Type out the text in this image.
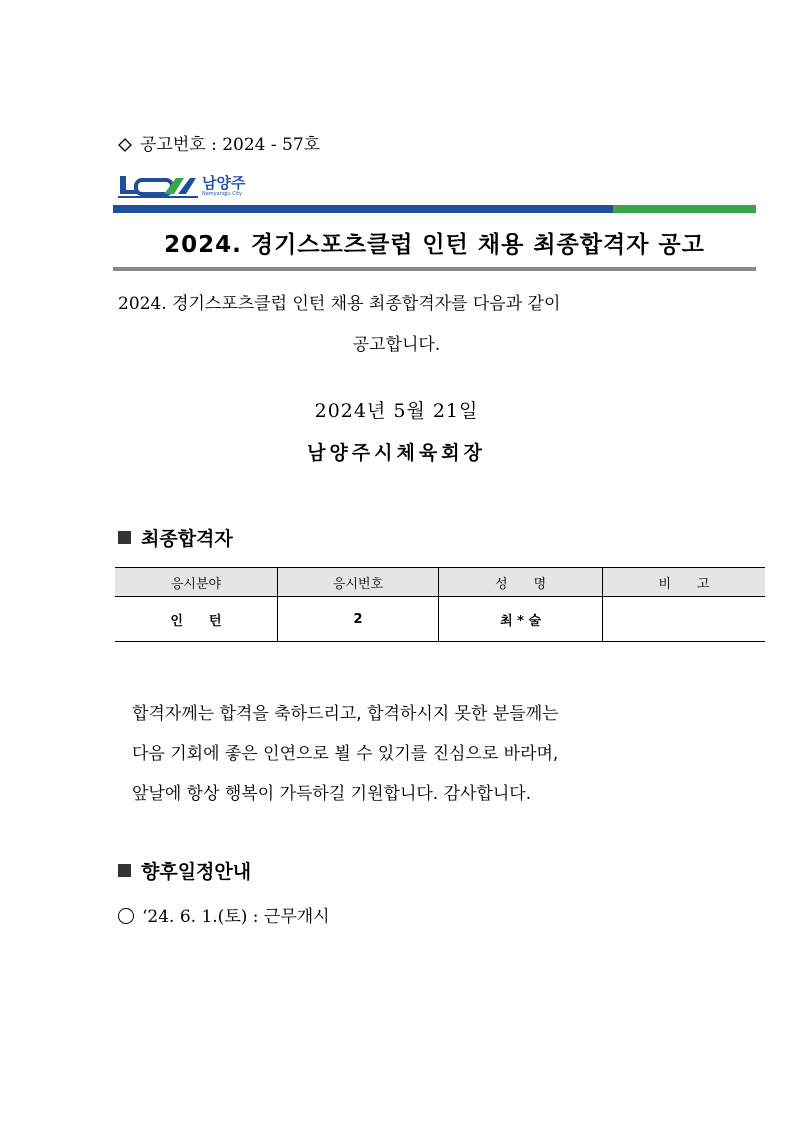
공고번호 : 2024 - 57호
남양주
Namyangju City
2024. 경기스포츠클럽 인턴 채용 최종합격자 공고
2024. 경기스포츠클럽 인턴 채용 최종합격자를 다음과 같이
공고합니다.
2024년 5월 21일
남양주시체육회장
최종합격자
응시분야	응시번호	성　　명	비　　고
인　　턴	2	최 * 술	
합격자께는 합격을 축하드리고, 합격하시지 못한 분들께는
다음 기회에 좋은 인연으로 뵐 수 있기를 진심으로 바라며,
앞날에 항상 행복이 가득하길 기원합니다. 감사합니다.
향후일정안내
‘24. 6. 1.(토) : 근무개시
